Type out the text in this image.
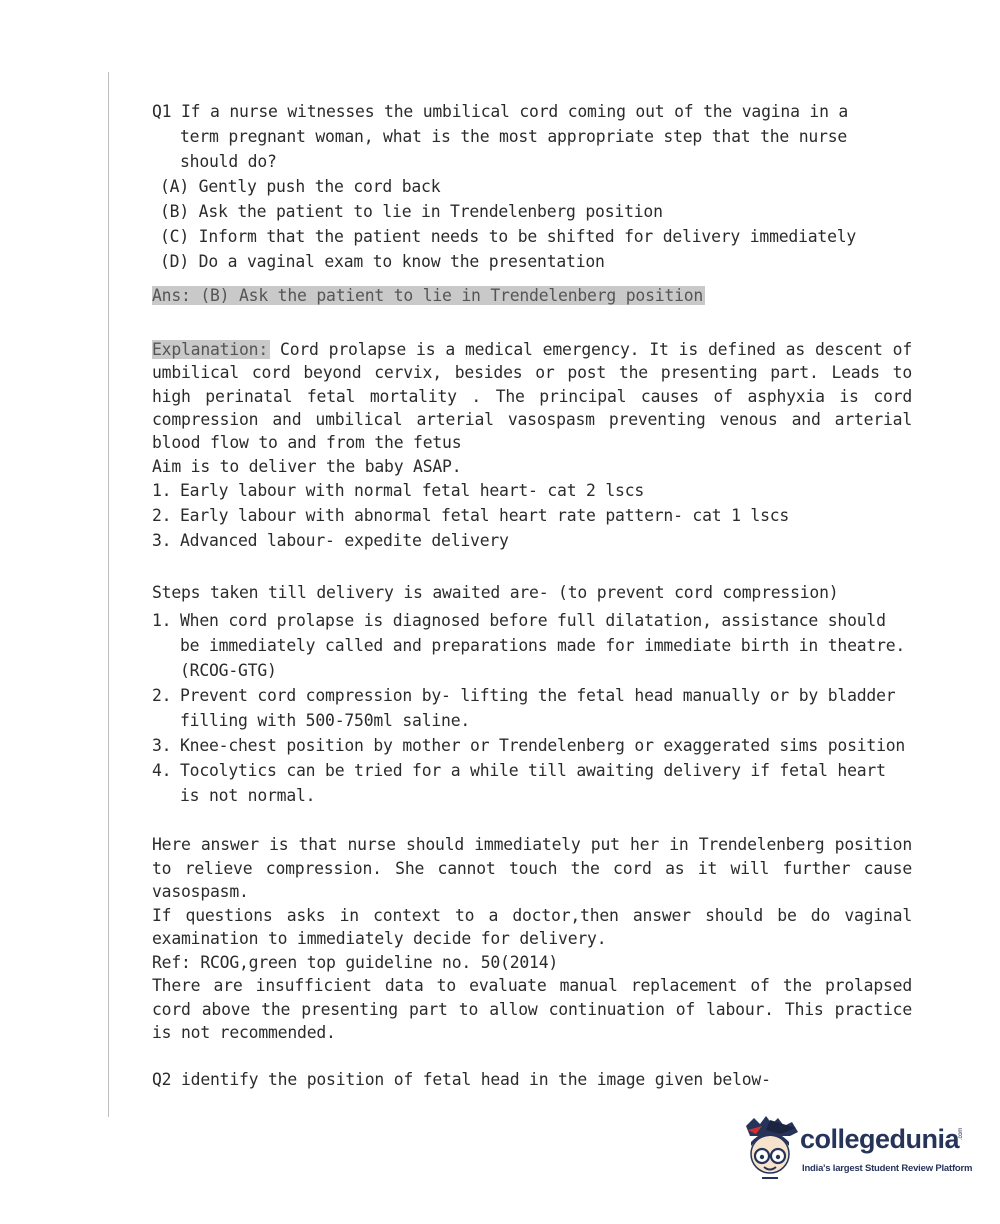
Q1 If a nurse witnesses the umbilical cord coming out of the vagina in a term pregnant woman, what is the most appropriate step that the nurse should do?
(A) Gently push the cord back
(B) Ask the patient to lie in Trendelenberg position
(C) Inform that the patient needs to be shifted for delivery immediately
(D) Do a vaginal exam to know the presentation
Ans: (B) Ask the patient to lie in Trendelenberg position
Explanation: Cord prolapse is a medical emergency. It is defined as descent of umbilical cord beyond cervix, besides or post the presenting part. Leads to high perinatal fetal mortality . The principal causes of asphyxia is cord compression and umbilical arterial vasospasm preventing venous and arterial blood flow to and from the fetus
Aim is to deliver the baby ASAP.
1. Early labour with normal fetal heart- cat 2 lscs
2. Early labour with abnormal fetal heart rate pattern- cat 1 lscs
3. Advanced labour- expedite delivery
Steps taken till delivery is awaited are- (to prevent cord compression)
1. When cord prolapse is diagnosed before full dilatation, assistance should be immediately called and preparations made for immediate birth in theatre. (RCOG-GTG)
2. Prevent cord compression by- lifting the fetal head manually or by bladder filling with 500-750ml saline.
3. Knee-chest position by mother or Trendelenberg or exaggerated sims position
4. Tocolytics can be tried for a while till awaiting delivery if fetal heart is not normal.
Here answer is that nurse should immediately put her in Trendelenberg position to relieve compression. She cannot touch the cord as it will further cause vasospasm.
If questions asks in context to a doctor,then answer should be do vaginal examination to immediately decide for delivery.
Ref: RCOG,green top guideline no. 50(2014)
There are insufficient data to evaluate manual replacement of the prolapsed cord above the presenting part to allow continuation of labour. This practice is not recommended.
Q2 identify the position of fetal head in the image given below-
collegedunia
.com
India's largest Student Review Platform
